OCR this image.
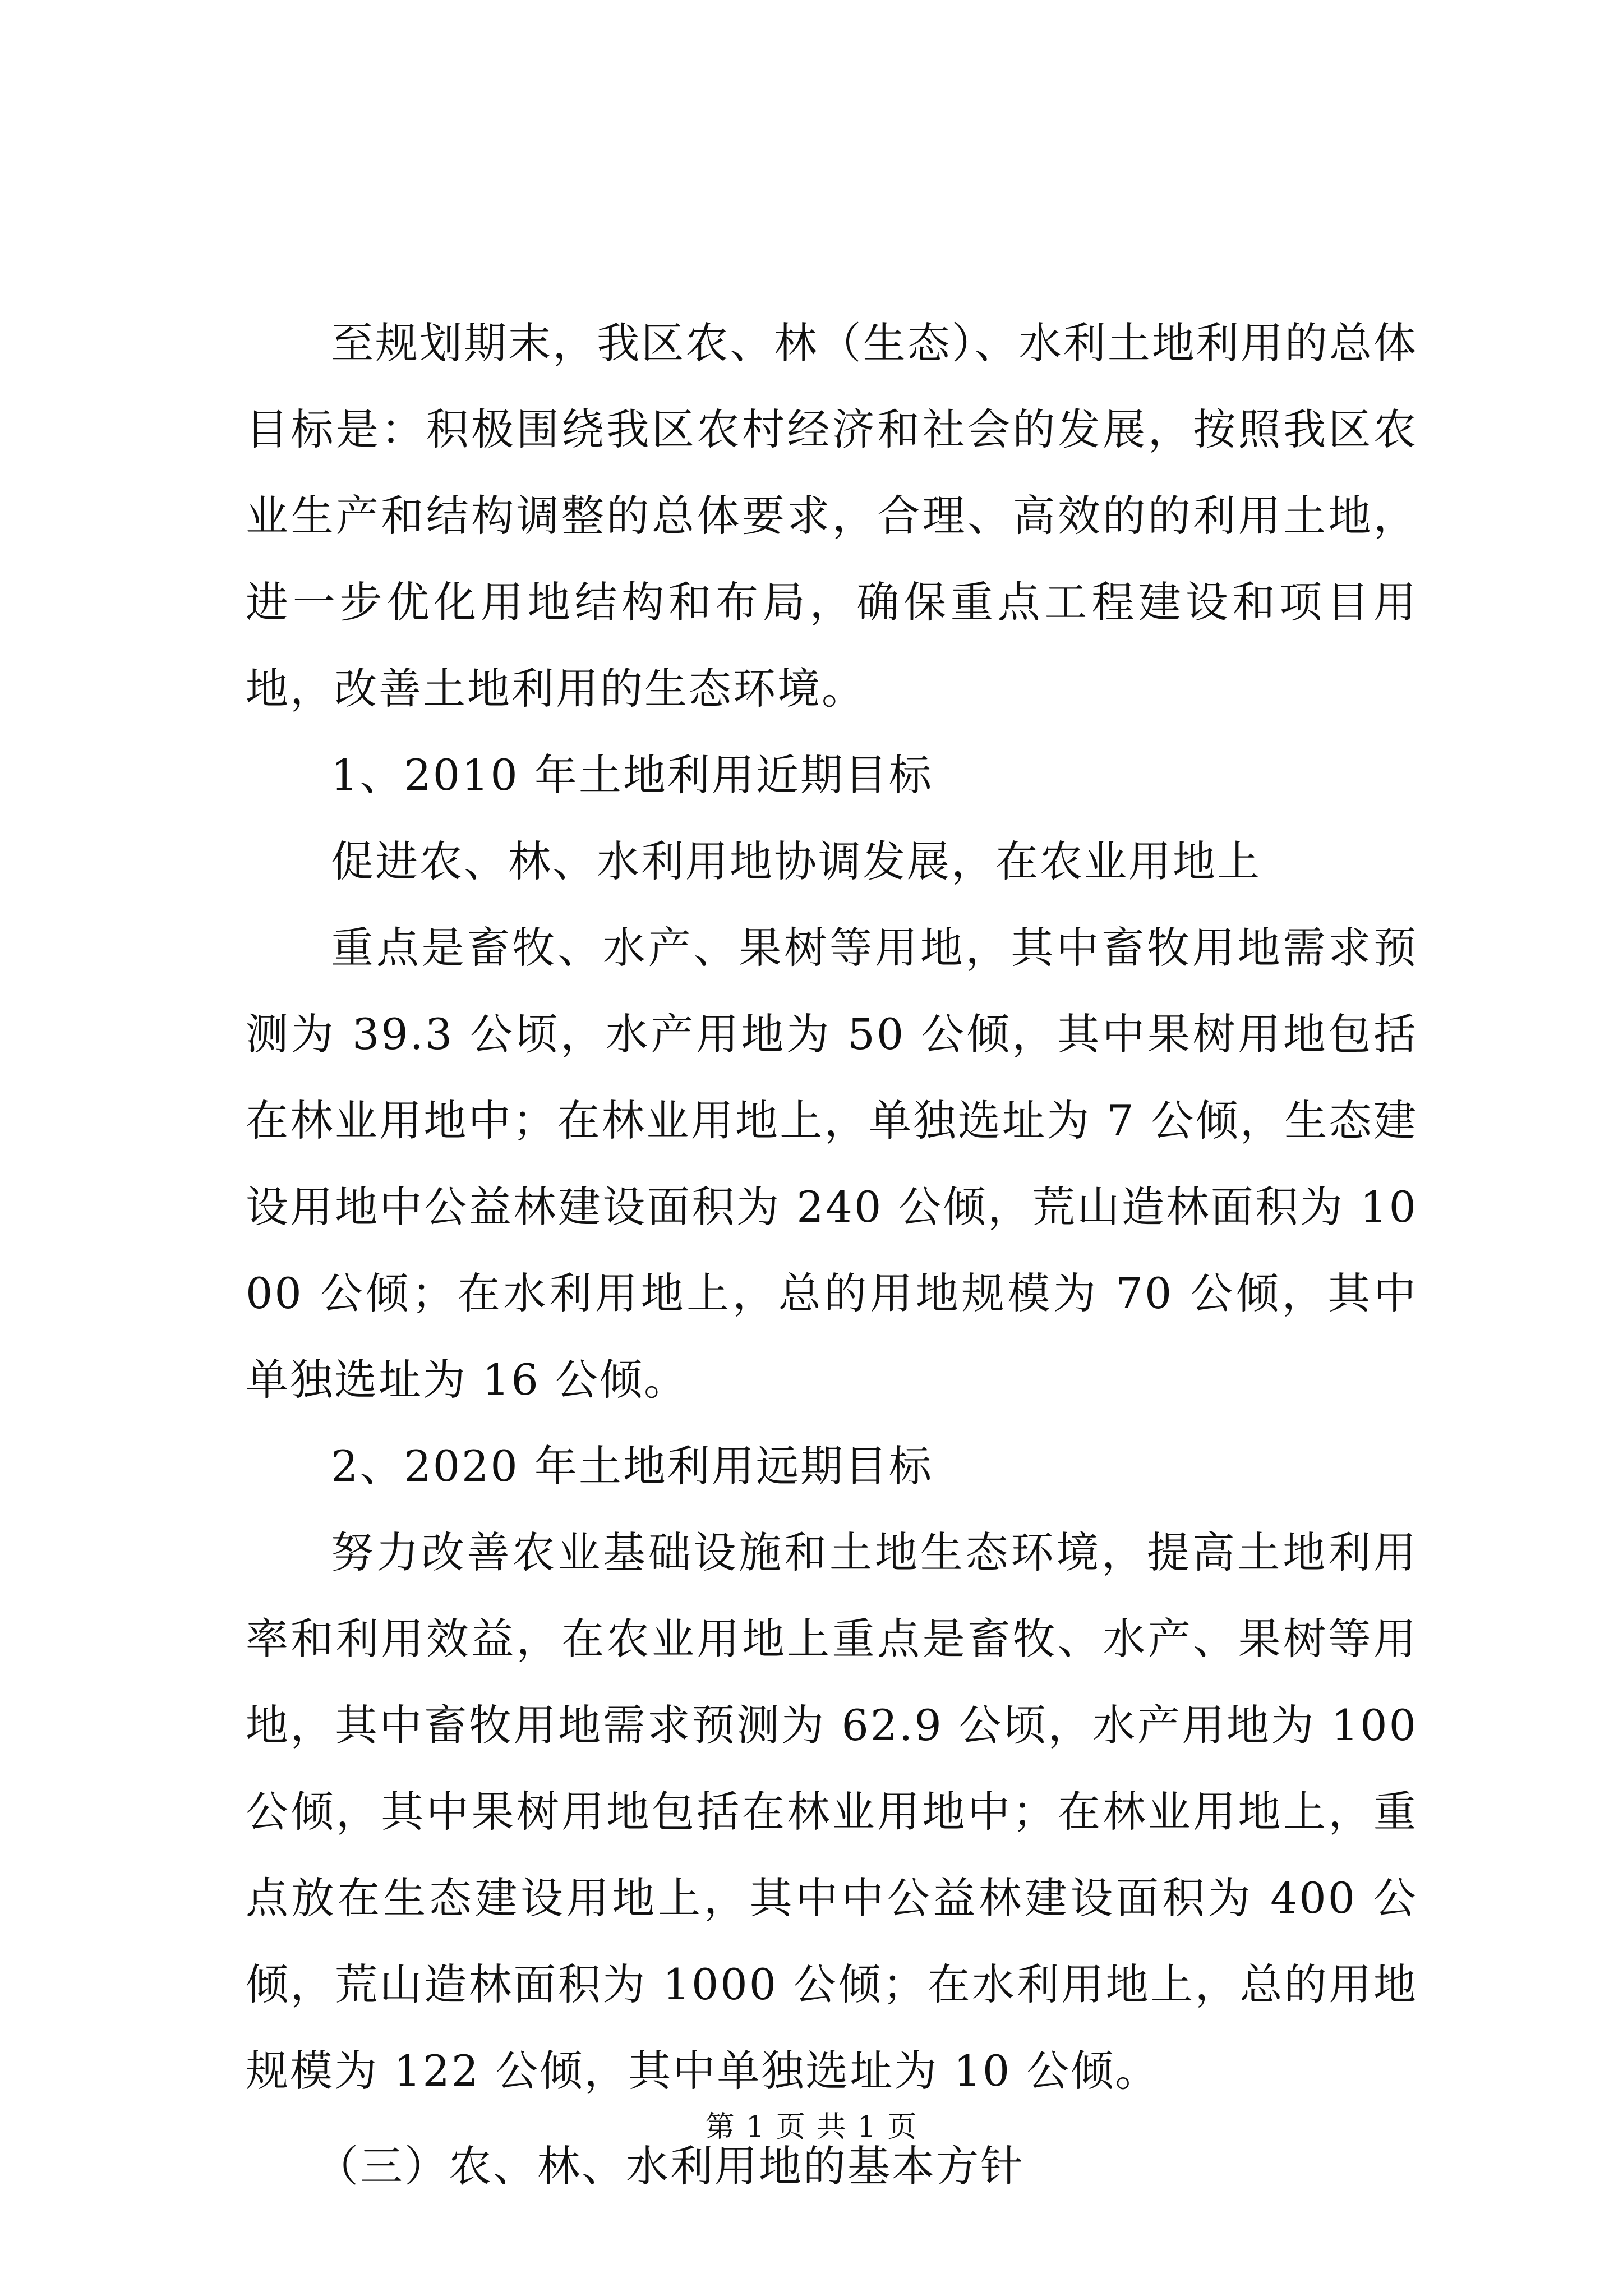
至规划期末，我区农、林（生态）、水利土地利用的总体目标是：积极围绕我区农村经济和社会的发展，按照我区农业生产和结构调整的总体要求，合理、高效的的利用土地，进一步优化用地结构和布局，确保重点工程建设和项目用地，改善土地利用的生态环境。

1、2010 年土地利用近期目标

促进农、林、水利用地协调发展，在农业用地上

重点是畜牧、水产、果树等用地，其中畜牧用地需求预测为 39.3 公顷，水产用地为 50 公倾，其中果树用地包括在林业用地中；在林业用地上，单独选址为 7 公倾，生态建设用地中公益林建设面积为 240 公倾，荒山造林面积为 1000 公倾；在水利用地上，总的用地规模为 70 公倾，其中单独选址为 16 公倾。

2、2020 年土地利用远期目标

努力改善农业基础设施和土地生态环境，提高土地利用率和利用效益，在农业用地上重点是畜牧、水产、果树等用地，其中畜牧用地需求预测为 62.9 公顷，水产用地为 100 公倾，其中果树用地包括在林业用地中；在林业用地上，重点放在生态建设用地上，其中中公益林建设面积为 400 公倾，荒山造林面积为 1000 公倾；在水利用地上，总的用地规模为 122 公倾，其中单独选址为 10 公倾。

（三）农、林、水利用地的基本方针

第 1 页 共 1 页
